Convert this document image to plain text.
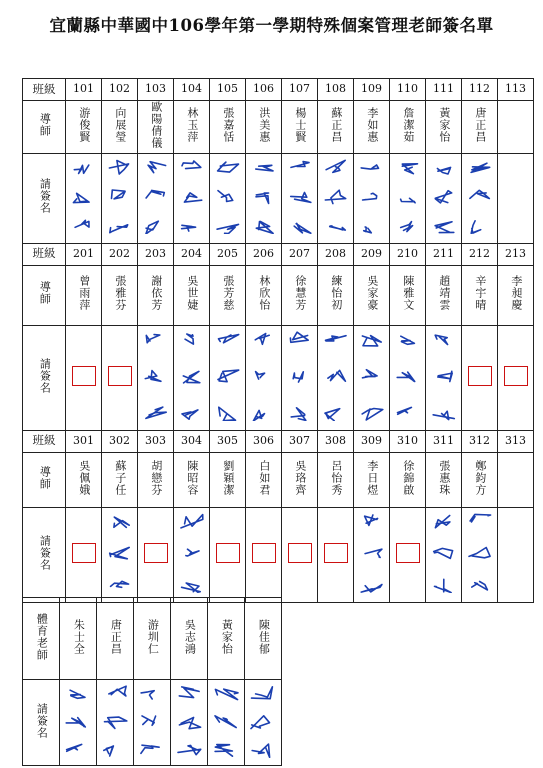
宜蘭縣中華國中106學年第一學期特殊個案管理老師簽名單
班級	101	102	103	104	105	106	107	108	109	110	111	112	113
導師	游俊賢	向展瑩	歐陽倩儀	林玉萍	張嘉恬	洪美惠	楊士賢	蘇正昌	李如惠	詹潔茹	黃家怡	唐正昌	
請簽名													
班級	201	202	203	204	205	206	207	208	209	210	211	212	213
導師	曾雨萍	張雅芬	謝依芳	吳世婕	張芳慈	林欣怡	徐慧芳	練怡初	吳家豪	陳雅文	趙靖雲	辛宇晴	李昶慶
請簽名													
班級	301	302	303	304	305	306	307	308	309	310	311	312	313
導師	吳佩娥	蘇子任	胡戀芬	陳昭容	劉穎潔	白如君	吳珞齊	呂怡秀	李日煜	徐錦啟	張惠珠	鄭鈞方	
請簽名													
體育老師	朱士全	唐正昌	游圳仁	吳志鴻	黃家怡	陳佳郁
請簽名						
